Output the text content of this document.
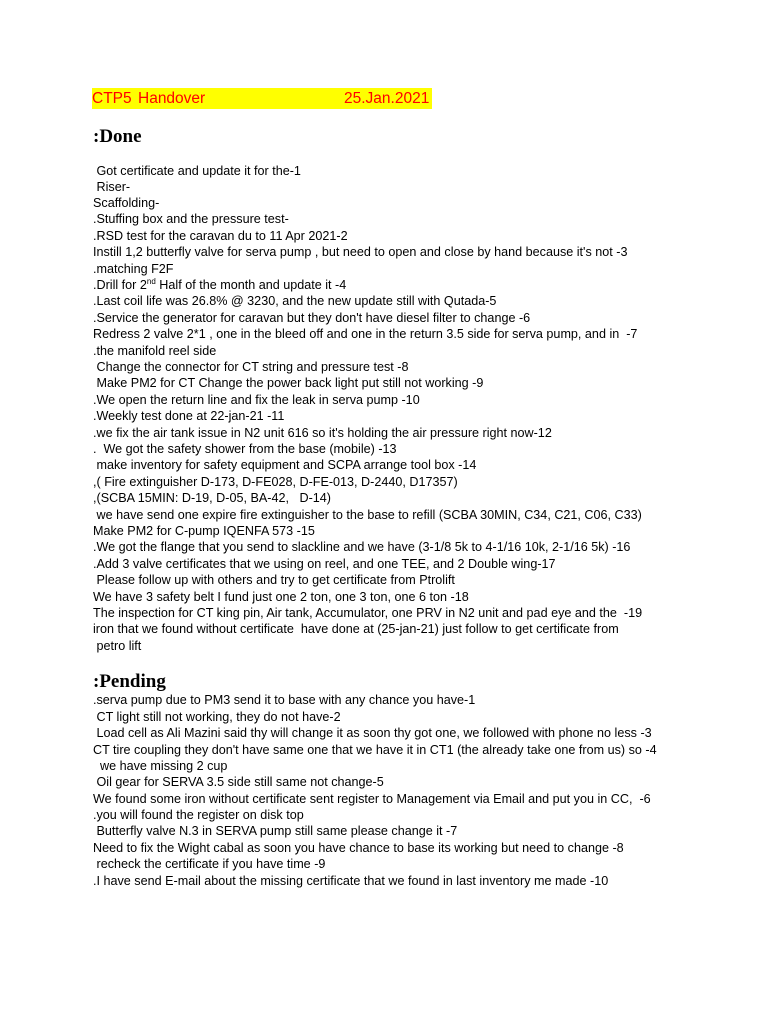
CTP5

Handover

	25.Jan.2021

:Done
Got certificate and update it for the-1
Riser-
Scaffolding-
.Stuffing box and the pressure test-
.RSD test for the caravan du to 11 Apr 2021-2
Instill 1,2 butterfly valve for serva pump , but need to open and close by hand because it's not -3
.matching F2F
.Drill for 2nd Half of the month and update it -4
.Last coil life was 26.8% @ 3230, and the new update still with Qutada-5
.Service the generator for caravan but they don't have diesel filter to change -6
Redress 2 valve 2*1 , one in the bleed off and one in the return 3.5 side for serva pump, and in  -7
.the manifold reel side
Change the connector for CT string and pressure test -8
Make PM2 for CT Change the power back light put still not working -9
.We open the return line and fix the leak in serva pump -10
.Weekly test done at 22-jan-21 -11
.we fix the air tank issue in N2 unit 616 so it's holding the air pressure right now-12
.  We got the safety shower from the base (mobile) -13
make inventory for safety equipment and SCPA arrange tool box -14
,( Fire extinguisher D-173, D-FE028, D-FE-013, D-2440, D17357)
,(SCBA 15MIN: D-19, D-05, BA-42,   D-14)
we have send one expire fire extinguisher to the base to refill (SCBA 30MIN, C34, C21, C06, C33)
Make PM2 for C-pump IQENFA 573 -15
.We got the flange that you send to slackline and we have (3-1/8 5k to 4-1/16 10k, 2-1/16 5k) -16
.Add 3 valve certificates that we using on reel, and one TEE, and 2 Double wing-17
Please follow up with others and try to get certificate from Ptrolift
We have 3 safety belt I fund just one 2 ton, one 3 ton, one 6 ton -18
The inspection for CT king pin, Air tank, Accumulator, one PRV in N2 unit and pad eye and the  -19
iron that we found without certificate  have done at (25-jan-21) just follow to get certificate from
petro lift
:Pending
.serva pump due to PM3 send it to base with any chance you have-1
CT light still not working, they do not have-2
Load cell as Ali Mazini said thy will change it as soon thy got one, we followed with phone no less -3
CT tire coupling they don't have same one that we have it in CT1 (the already take one from us) so -4
we have missing 2 cup
Oil gear for SERVA 3.5 side still same not change-5
We found some iron without certificate sent register to Management via Email and put you in CC,  -6
.you will found the register on disk top
Butterfly valve N.3 in SERVA pump still same please change it -7
Need to fix the Wight cabal as soon you have chance to base its working but need to change -8
recheck the certificate if you have time -9
.I have send E-mail about the missing certificate that we found in last inventory me made -10
